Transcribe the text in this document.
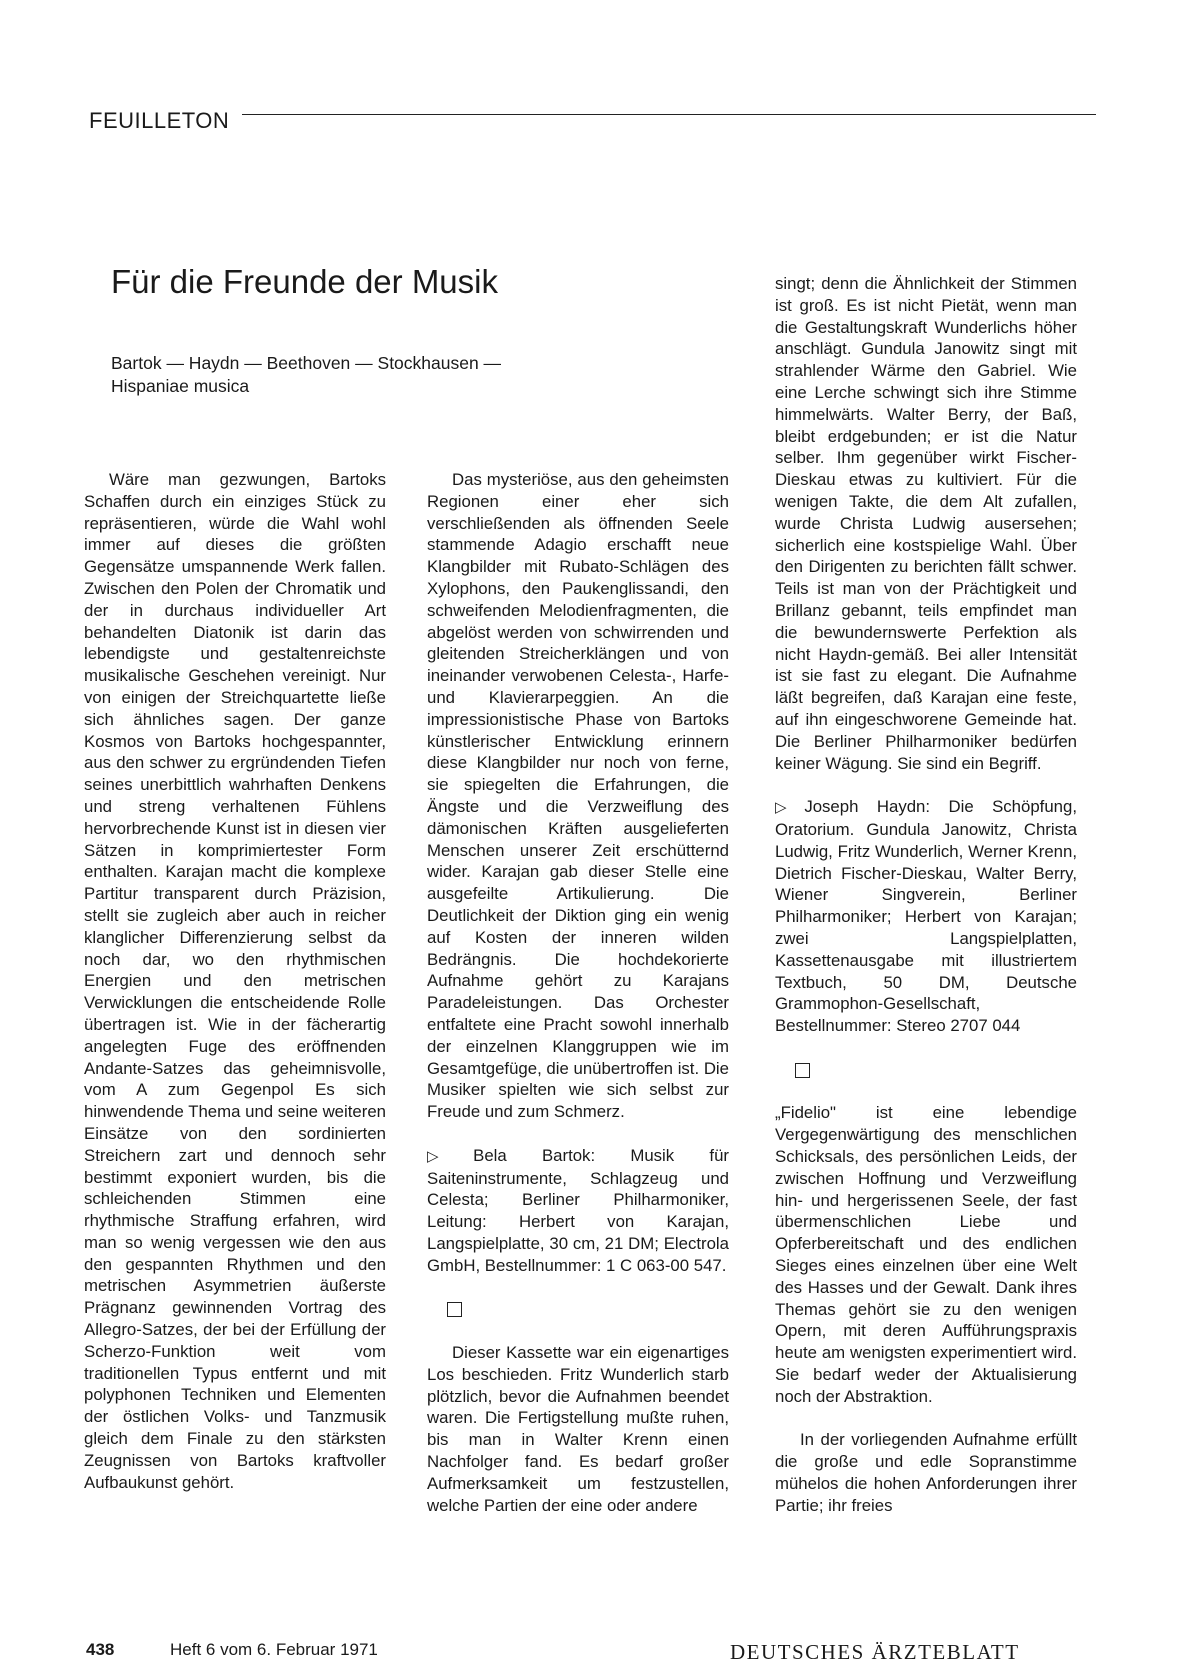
FEUILLETON
Für die Freunde der Musik
Bartok — Haydn — Beethoven — Stockhausen — Hispaniae musica

Wäre man gezwungen, Bartoks Schaffen durch ein einziges Stück zu repräsentieren, würde die Wahl wohl immer auf dieses die größten Gegensätze umspannende Werk fallen. Zwischen den Polen der Chromatik und der in durchaus individueller Art behandelten Diatonik ist darin das lebendigste und gestaltenreichste musikalische Geschehen vereinigt. Nur von einigen der Streichquartette ließe sich ähnliches sagen. Der ganze Kosmos von Bartoks hochgespannter, aus den schwer zu ergründenden Tiefen seines unerbittlich wahrhaften Denkens und streng verhaltenen Fühlens hervorbrechende Kunst ist in diesen vier Sätzen in komprimiertester Form enthalten. Karajan macht die komplexe Partitur transparent durch Präzision, stellt sie zugleich aber auch in reicher klanglicher Differenzierung selbst da noch dar, wo den rhythmischen Energien und den metrischen Verwicklungen die entscheidende Rolle übertragen ist. Wie in der fächerartig angelegten Fuge des eröffnenden Andante-Satzes das geheimnisvolle, vom A zum Gegenpol Es sich hinwendende Thema und seine weiteren Einsätze von den sordinierten Streichern zart und dennoch sehr bestimmt exponiert wurden, bis die schleichenden Stimmen eine rhythmische Straffung erfahren, wird man so wenig vergessen wie den aus den gespannten Rhythmen und den metrischen Asymmetrien äußerste Prägnanz gewinnenden Vortrag des Allegro-Satzes, der bei der Erfüllung der Scherzo-Funktion weit vom traditionellen Typus entfernt und mit polyphonen Techniken und Elementen der östlichen Volks- und Tanzmusik gleich dem Finale zu den stärksten Zeugnissen von Bartoks kraftvoller Aufbaukunst gehört.

Das mysteriöse, aus den geheimsten Regionen einer eher sich verschließenden als öffnenden Seele stammende Adagio erschafft neue Klangbilder mit Rubato-Schlägen des Xylophons, den Paukenglissandi, den schweifenden Melodienfragmenten, die abgelöst werden von schwirrenden und gleitenden Streicherklängen und von ineinander verwobenen Celesta-, Harfe- und Klavierarpeggien. An die impressionistische Phase von Bartoks künstlerischer Entwicklung erinnern diese Klangbilder nur noch von ferne, sie spiegelten die Erfahrungen, die Ängste und die Verzweiflung des dämonischen Kräften ausgelieferten Menschen unserer Zeit erschütternd wider. Karajan gab dieser Stelle eine ausgefeilte Artikulierung. Die Deutlichkeit der Diktion ging ein wenig auf Kosten der inneren wilden Bedrängnis. Die hochdekorierte Aufnahme gehört zu Karajans Paradeleistungen. Das Orchester entfaltete eine Pracht sowohl innerhalb der einzelnen Klanggruppen wie im Gesamtgefüge, die unübertroffen ist. Die Musiker spielten wie sich selbst zur Freude und zum Schmerz.

▷ Bela Bartok: Musik für Saiteninstrumente, Schlagzeug und Celesta; Berliner Philharmoniker, Leitung: Herbert von Karajan, Langspielplatte, 30 cm, 21 DM; Electrola GmbH, Bestellnummer: 1 C 063-00 547.

Dieser Kassette war ein eigenartiges Los beschieden. Fritz Wunderlich starb plötzlich, bevor die Aufnahmen beendet waren. Die Fertigstellung mußte ruhen, bis man in Walter Krenn einen Nachfolger fand. Es bedarf großer Aufmerksamkeit um festzustellen, welche Partien der eine oder andere

singt; denn die Ähnlichkeit der Stimmen ist groß. Es ist nicht Pietät, wenn man die Gestaltungskraft Wunderlichs höher anschlägt. Gundula Janowitz singt mit strahlender Wärme den Gabriel. Wie eine Lerche schwingt sich ihre Stimme himmelwärts. Walter Berry, der Baß, bleibt erdgebunden; er ist die Natur selber. Ihm gegenüber wirkt Fischer-Dieskau etwas zu kultiviert. Für die wenigen Takte, die dem Alt zufallen, wurde Christa Ludwig ausersehen; sicherlich eine kostspielige Wahl. Über den Dirigenten zu berichten fällt schwer. Teils ist man von der Prächtigkeit und Brillanz gebannt, teils empfindet man die bewundernswerte Perfektion als nicht Haydn-gemäß. Bei aller Intensität ist sie fast zu elegant. Die Aufnahme läßt begreifen, daß Karajan eine feste, auf ihn eingeschworene Gemeinde hat. Die Berliner Philharmoniker bedürfen keiner Wägung. Sie sind ein Begriff.

▷ Joseph Haydn: Die Schöpfung, Oratorium. Gundula Janowitz, Christa Ludwig, Fritz Wunderlich, Werner Krenn, Dietrich Fischer-Dieskau, Walter Berry, Wiener Singverein, Berliner Philharmoniker; Herbert von Karajan; zwei Langspielplatten, Kassettenausgabe mit illustriertem Textbuch, 50 DM, Deutsche Grammophon-Gesellschaft, Bestellnummer: Stereo 2707 044

„Fidelio" ist eine lebendige Vergegenwärtigung des menschlichen Schicksals, des persönlichen Leids, der zwischen Hoffnung und Verzweiflung hin- und hergerissenen Seele, der fast übermenschlichen Liebe und Opferbereitschaft und des endlichen Sieges eines einzelnen über eine Welt des Hasses und der Gewalt. Dank ihres Themas gehört sie zu den wenigen Opern, mit deren Aufführungspraxis heute am wenigsten experimentiert wird. Sie bedarf weder der Aktualisierung noch der Abstraktion.

In der vorliegenden Aufnahme erfüllt die große und edle Sopranstimme mühelos die hohen Anforderungen ihrer Partie; ihr freies

438	Heft 6 vom 6. Februar 1971	DEUTSCHES ÄRZTEBLATT
